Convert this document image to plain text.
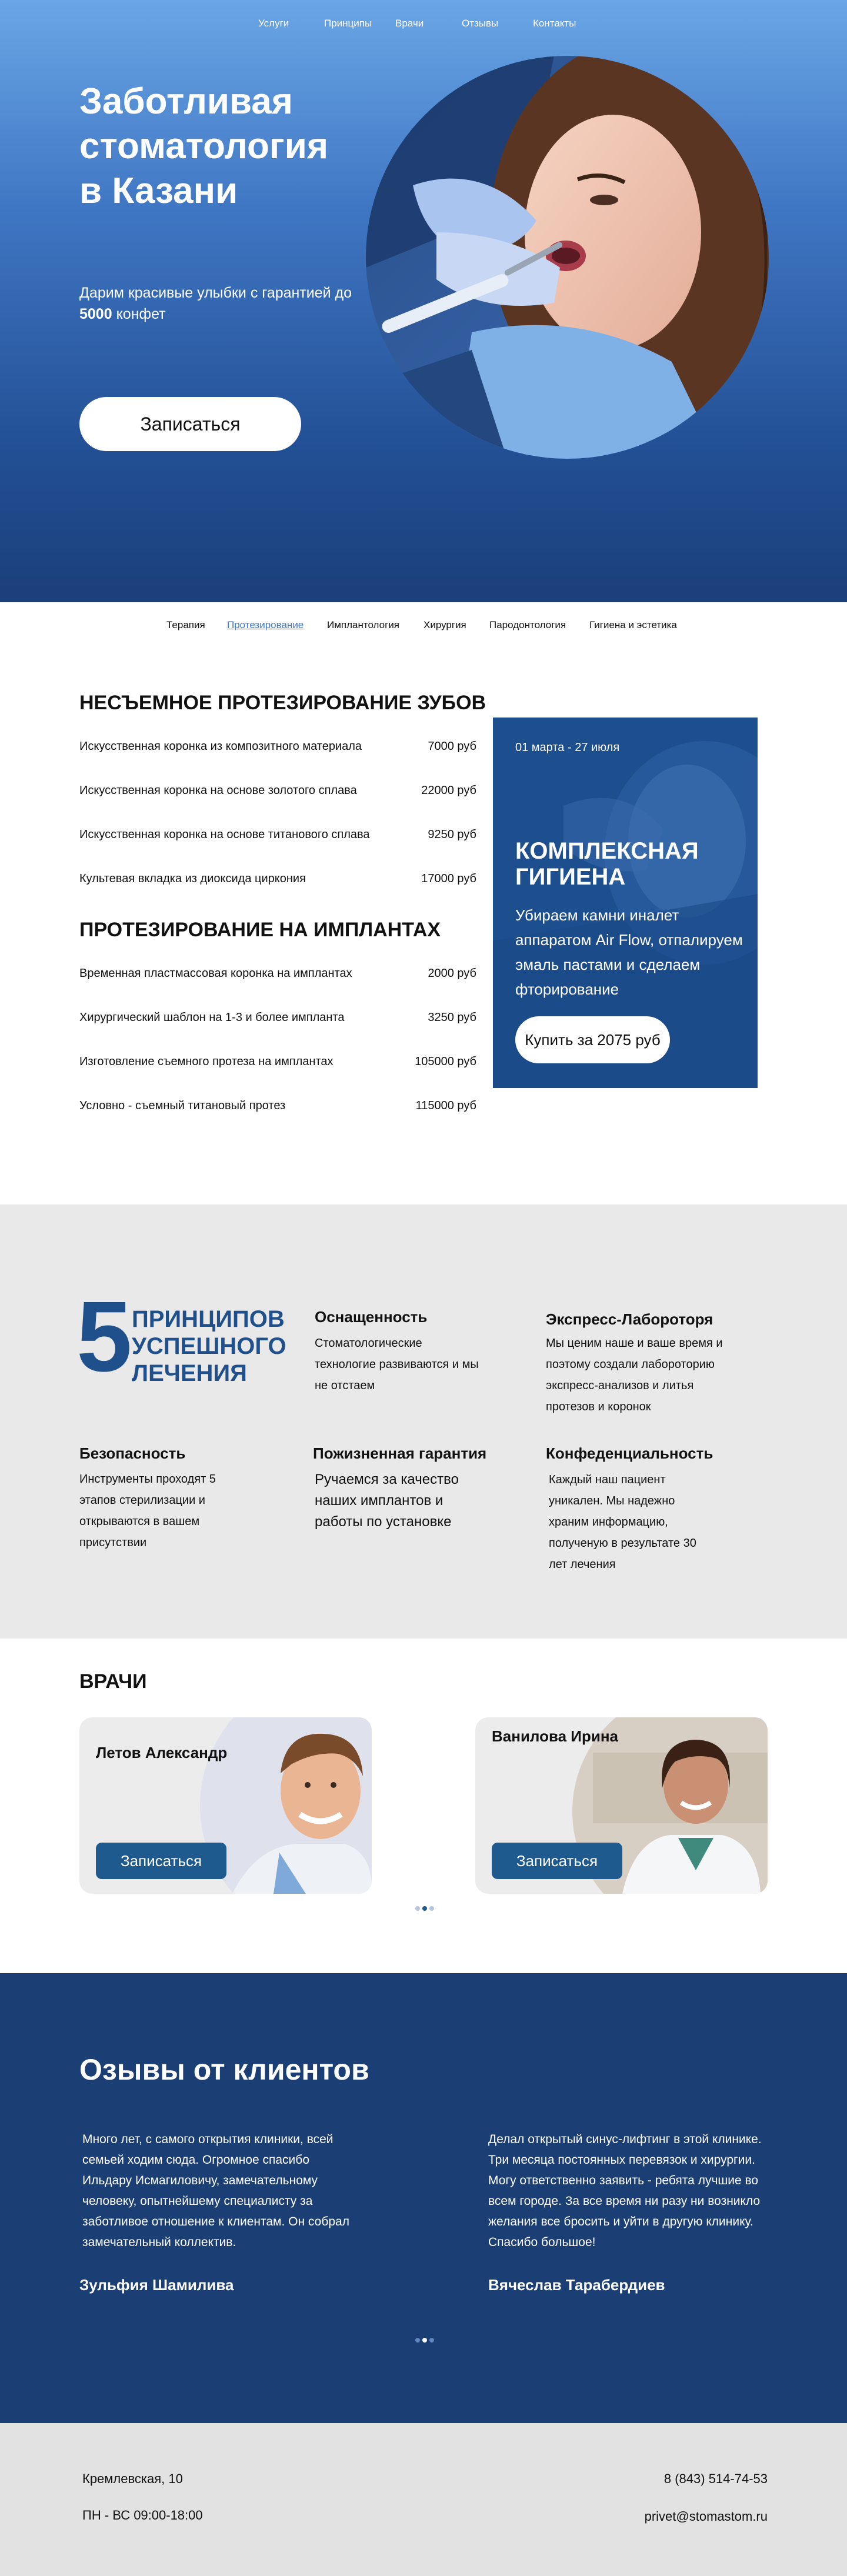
Услуги	Принципы Врачи	Отзывы	Контакты
Заботливая
стоматология
в Казани

Дарим красивые улыбки с гарантией до 5000 конфет

Записаться
Терапия Протезирование Имплантология Хирургия Пародонтология Гигиена и эстетика
НЕСЪЕМНОЕ ПРОТЕЗИРОВАНИЕ ЗУБОВ
Искусственная коронка из композитного материала	7000 руб
Искусственная коронка на основе золотого сплава	22000 руб
Искусственная коронка на основе титанового сплава	9250 руб
Культевая вкладка из диоксида циркония	17000 руб
ПРОТЕЗИРОВАНИЕ НА ИМПЛАНТАХ
Временная пластмассовая коронка на имплантах	2000 руб
Хирургический шаблон на 1-3 и более импланта	3250 руб
Изготовление съемного протеза на имплантах	105000 руб
Условно - съемный титановый протез	115000 руб
01 марта - 27 июля
КОМПЛЕКСНАЯ
ГИГИЕНА

Убираем камни иналет аппаратом Air Flow, отпалируем эмаль пастами и сделаем фторирование

Купить за 2075 руб
5 ПРИНЦИПОВ
УСПЕШНОГО
ЛЕЧЕНИЯ
Оснащенность
Стоматологические технологие развиваются и мы не отстаем
Экспресс-Лабороторя
Мы ценим наше и ваше время и поэтому создали лабороторию экспресс-анализов и литья протезов и коронок
Безопасность
Инструменты проходят 5 этапов стерилизации и открываются в вашем присутствии
Пожизненная гарантия
Ручаемся за качество наших имплантов и работы по установке
Конфеденциальность
Каждый наш пациент уникален. Мы надежно храним информацию, полученую в результате 30 лет лечения
ВРАЧИ
Летов Александр
Записаться
Ванилова Ирина
Записаться
Озывы от клиентов

Много лет, с самого открытия клиники, всей семьей ходим сюда. Огромное спасибо Ильдару Исмагиловичу, замечательному человеку, опытнейшему специалисту за заботливое отношение к клиентам. Он собрал замечательный коллектив.

Зульфия Шамилива

Делал открытый синус-лифтинг в этой клинике. Три месяца постоянных перевязок и хирургии. Могу ответственно заявить - ребята лучшие во всем городе. За все время ни разу ни возникло желания все бросить и уйти в другую клинику. Спасибо большое!

Вячеслав Тарабердиев
Кремлевская, 10
ПН - ВС 09:00-18:00
8 (843) 514-74-53
privet@stomastom.ru
